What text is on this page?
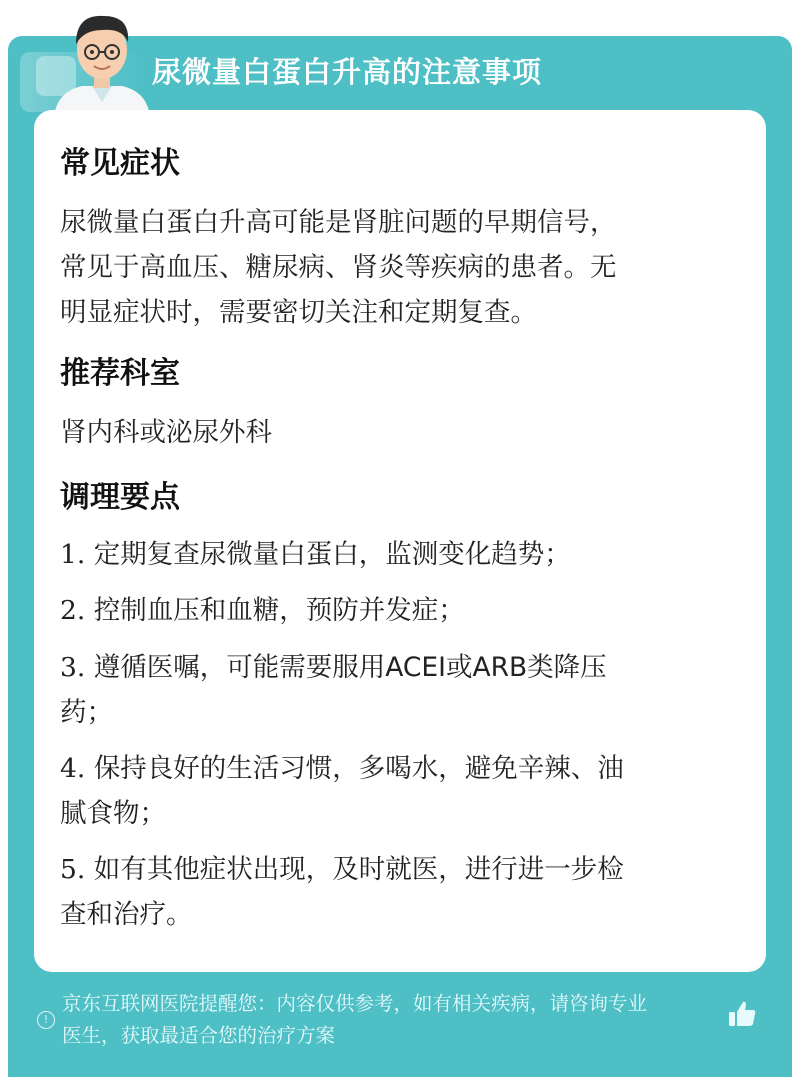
尿微量白蛋白升高的注意事项
常见症状
尿微量白蛋白升高可能是肾脏问题的早期信号，
常见于高血压、糖尿病、肾炎等疾病的患者。无
明显症状时，需要密切关注和定期复查。
推荐科室
肾内科或泌尿外科
调理要点
1. 定期复查尿微量白蛋白，监测变化趋势；
2. 控制血压和血糖，预防并发症；
3. 遵循医嘱，可能需要服用ACEI或ARB类降压
药；
4. 保持良好的生活习惯，多喝水，避免辛辣、油
腻食物；
5. 如有其他症状出现，及时就医，进行进一步检
查和治疗。
!
京东互联网医院提醒您：内容仅供参考，如有相关疾病，请咨询专业
医生，获取最适合您的治疗方案
